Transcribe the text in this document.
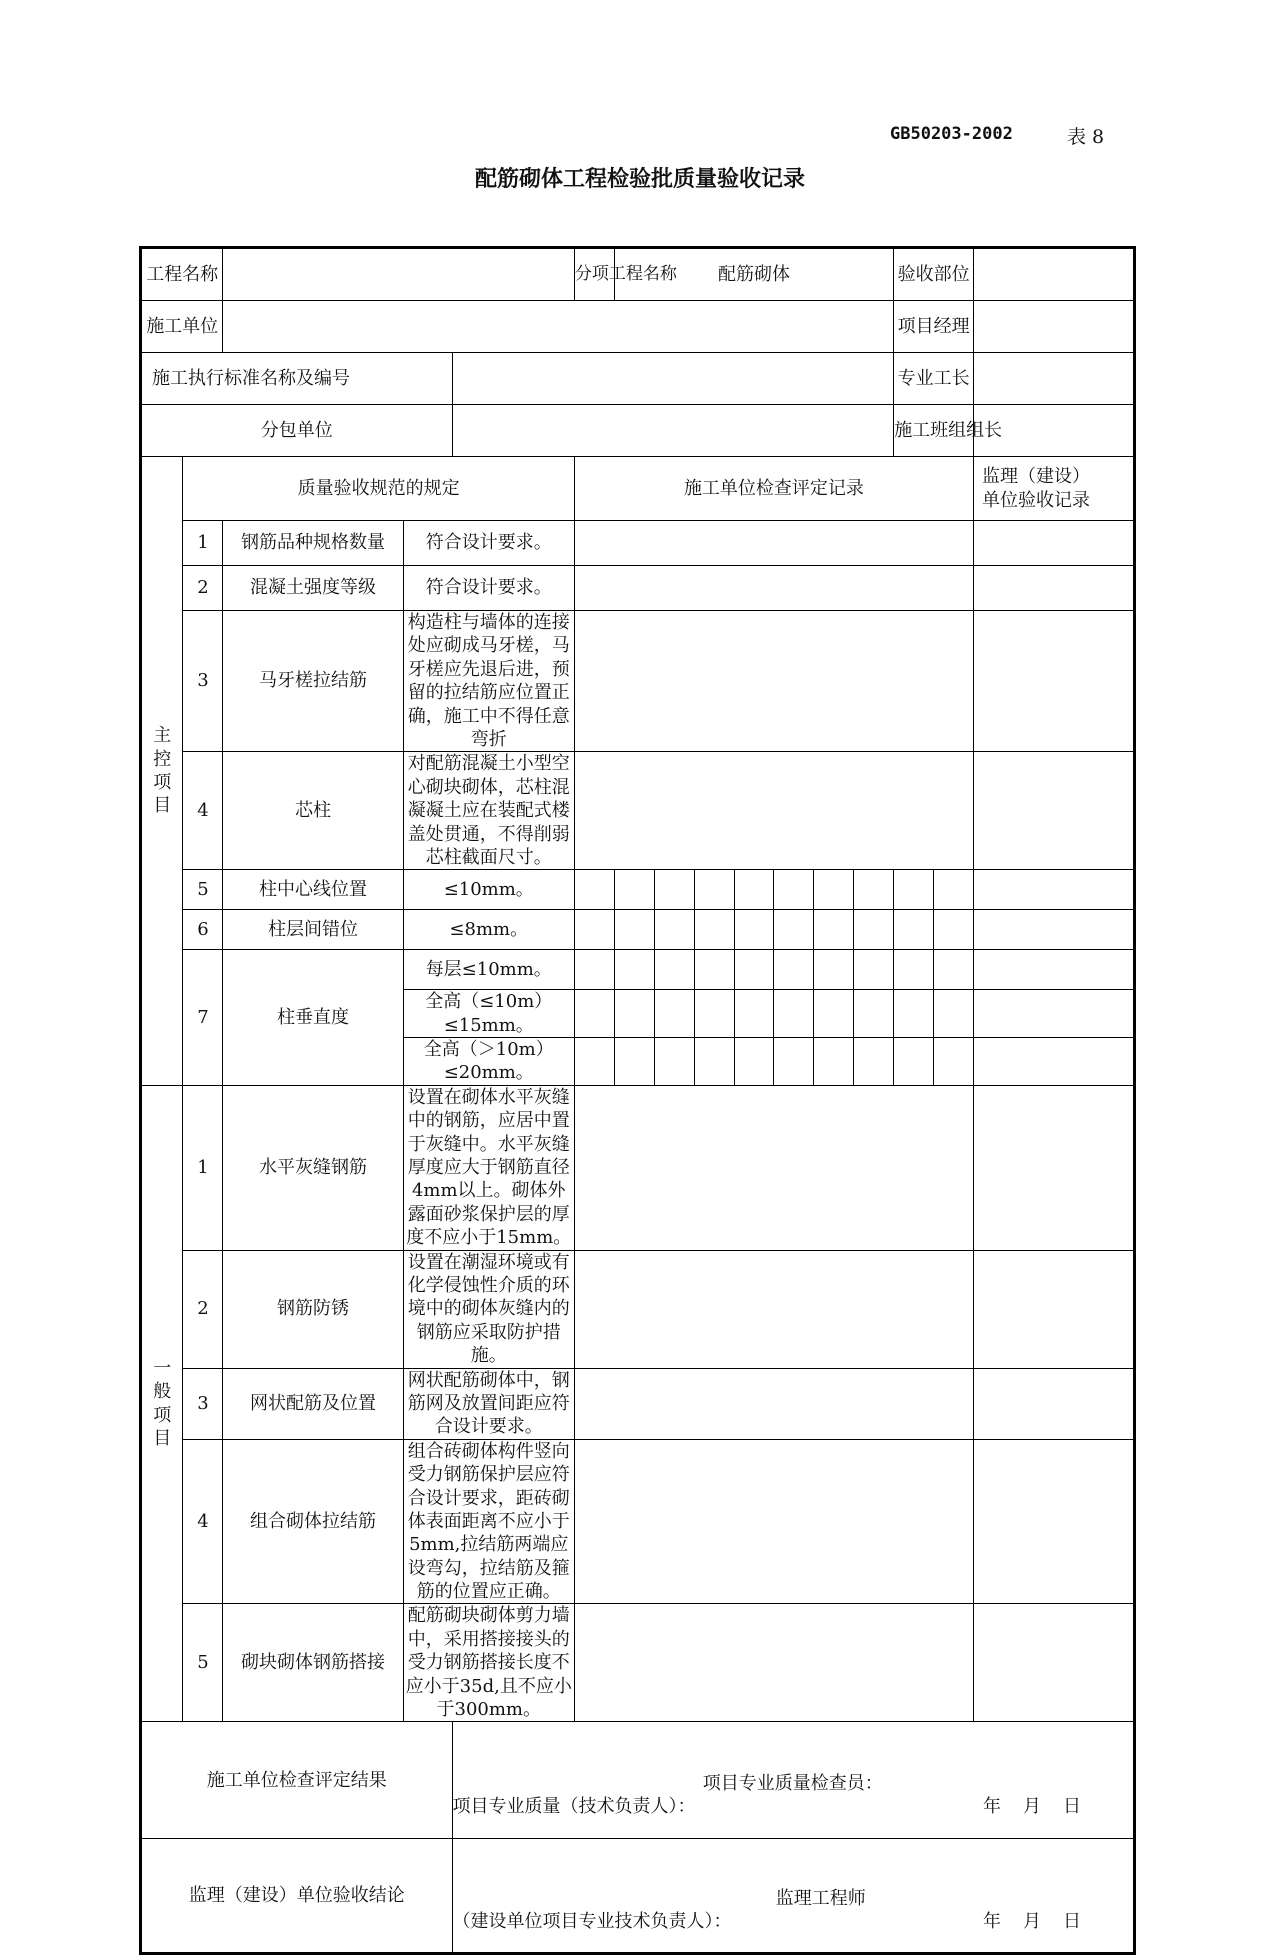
GB50203-2002	表 8
配筋砌体工程检验批质量验收记录
工程名称					分项工程名称	配筋砌体							验收部位		
施工单位													项目经理		
施工执行标准名称及编号													专业工长		
分包单位													施工班组组长		

主控项目	质量验收规范的规定				施工单位检查评定记录										监理（建设）
单位验收记录
	1	钢筋品种规格数量	符合设计要求。												
	2	混凝土强度等级	符合设计要求。												
	3	马牙槎拉结筋	构造柱与墙体的连接处应砌成马牙槎，马牙槎应先退后进，预留的拉结筋应位置正确，施工中不得任意弯折												
	4	芯柱	对配筋混凝土小型空心砌块砌体，芯柱混凝凝土应在装配式楼盖处贯通，不得削弱芯柱截面尺寸。												
	5	柱中心线位置	≤10mm。												
	6	柱层间错位	≤8mm。												
	7	柱垂直度	每层≤10mm。												
			全高（≤10m）≤15mm。												
			全高（＞10m）≤20mm。												

一般项目	1	水平灰缝钢筋	设置在砌体水平灰缝中的钢筋，应居中置于灰缝中。水平灰缝厚度应大于钢筋直径4mm以上。砌体外露面砂浆保护层的厚度不应小于15mm。												
	2	钢筋防锈	设置在潮湿环境或有化学侵蚀性介质的环境中的砌体灰缝内的钢筋应采取防护措施。												
	3	网状配筋及位置	网状配筋砌体中，钢筋网及放置间距应符合设计要求。												
	4	组合砌体拉结筋	组合砖砌体构件竖向受力钢筋保护层应符合设计要求，距砖砌体表面距离不应小于5mm,拉结筋两端应设弯勾，拉结筋及箍筋的位置应正确。												
	5	砌块砌体钢筋搭接	配筋砌块砌体剪力墙中，采用搭接接头的受力钢筋搭接长度不应小于35d,且不应小于300mm。												
施工单位检查评定结果				项目专业质量检查员：
项目专业质量（技术负责人）： 年 月 日											

监理（建设）单位验收结论				监理工程师
（建设单位项目专业技术负责人）： 年 月 日											
